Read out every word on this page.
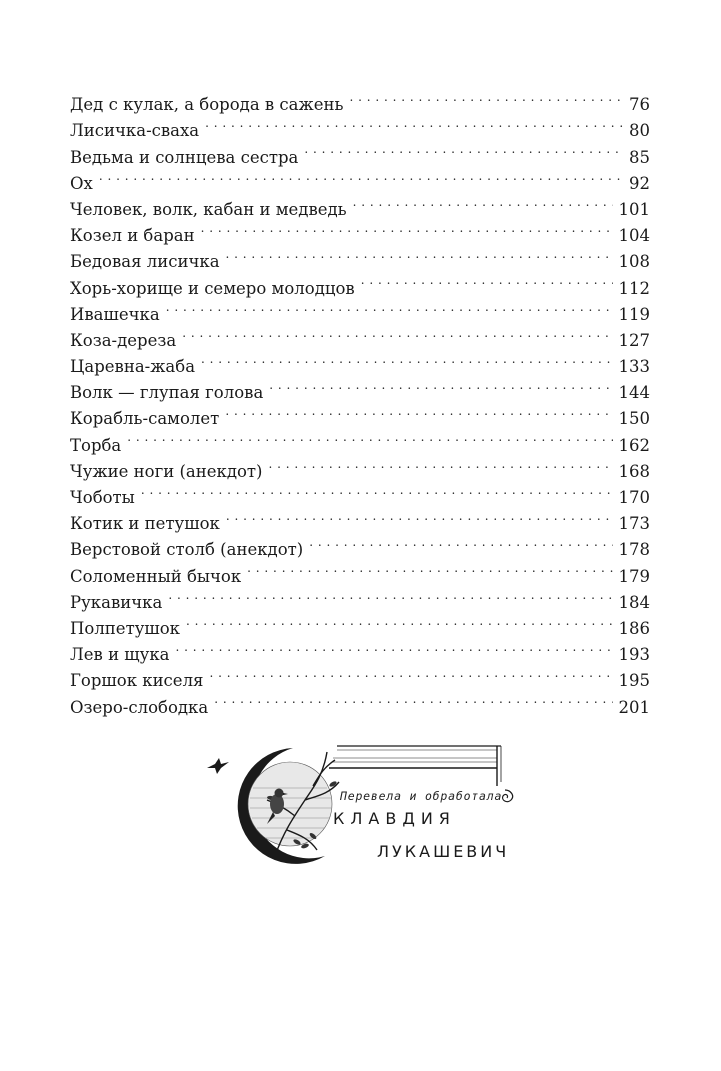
Дед с кулак, а борода в сажень . . .	76
Лисичка-сваха . . .	80
Ведьма и солнцева сестра . . .	85
Ох . . .	92
Человек, волк, кабан и медведь . . .	101
Козел и баран . . .	104
Бедовая лисичка . . .	108
Хорь-хорище и семеро молодцов . . .	112
Ивашечка . . .	119
Коза-дереза . . .	127
Царевна-жаба . . .	133
Волк — глупая голова . . .	144
Корабль-самолет . . .	150
Торба . . .	162
Чужие ноги (анекдот) . . .	168
Чоботы . . .	170
Котик и петушок . . .	173
Верстовой столб (анекдот) . . .	178
Соломенный бычок . . .	179
Рукавичка . . .	184
Полпетушок . . .	186
Лев и щука . . .	193
Горшок киселя . . .	195
Озеро-слободка . . .	201
Перевела и обработала
КЛАВДИЯ
ЛУКАШЕВИЧ
